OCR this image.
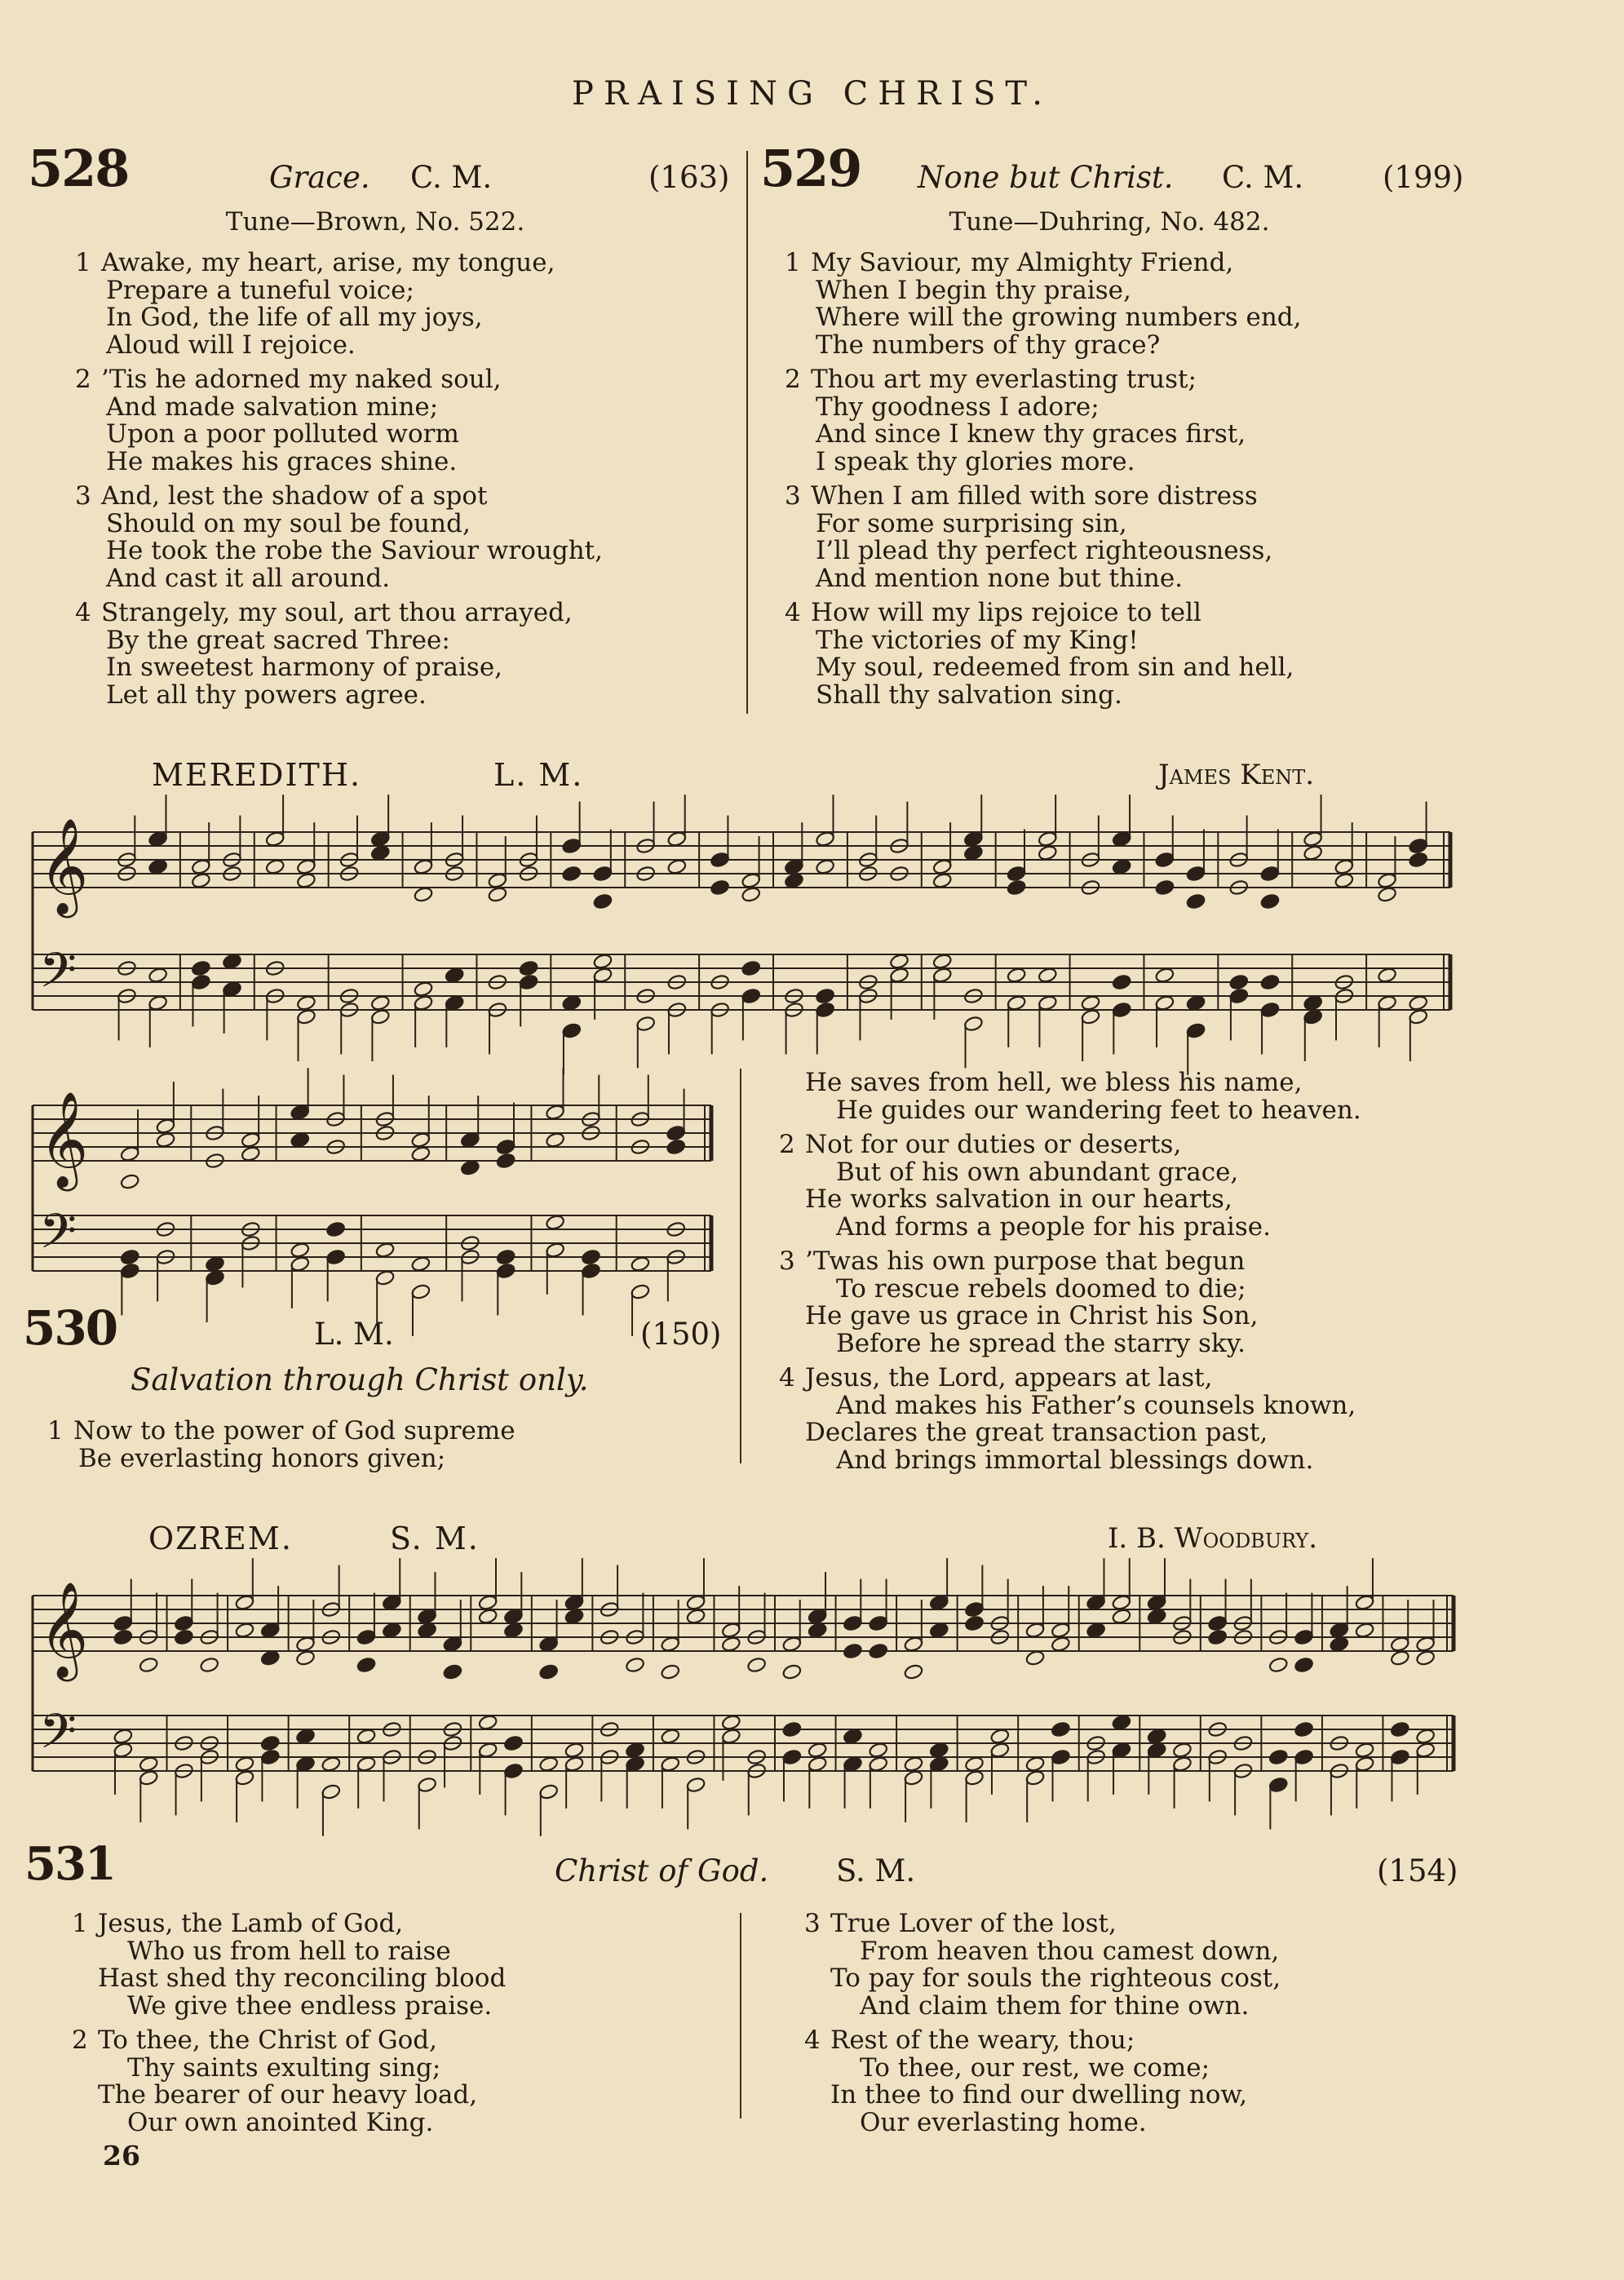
PRAISING CHRIST.
528	Grace. C. M.	(163)
Tune—Brown, No. 522.
1 Awake, my heart, arise, my tongue,
Prepare a tuneful voice;
In God, the life of all my joys,
Aloud will I rejoice.
2 ’Tis he adorned my naked soul,
And made salvation mine;
Upon a poor polluted worm
He makes his graces shine.
3 And, lest the shadow of a spot
Should on my soul be found,
He took the robe the Saviour wrought,
And cast it all around.
4 Strangely, my soul, art thou arrayed,
By the great sacred Three:
In sweetest harmony of praise,
Let all thy powers agree.
529 None but Christ. C. M.	(199)
Tune—Duhring, No. 482.
1 My Saviour, my Almighty Friend,
When I begin thy praise,
Where will the growing numbers end,
The numbers of thy grace?
2 Thou art my everlasting trust;
Thy goodness I adore;
And since I knew thy graces first,
I speak thy glories more.
3 When I am filled with sore distress
For some surprising sin,
I’ll plead thy perfect righteousness,
And mention none but thine.
4 How will my lips rejoice to tell
The victories of my King!
My soul, redeemed from sin and hell,
Shall thy salvation sing.
MEREDITH.	L. M.	James Kent.
𝄞
𝄢
𝄞
𝄢
𝄞
𝄢
530	L. M.	(150)
Salvation through Christ only.
1 Now to the power of God supreme
Be everlasting honors given;
He saves from hell, we bless his name,
He guides our wandering feet to heaven.
2 Not for our duties or deserts,
But of his own abundant grace,
He works salvation in our hearts,
And forms a people for his praise.
3 ’Twas his own purpose that begun
To rescue rebels doomed to die;
He gave us grace in Christ his Son,
Before he spread the starry sky.
4 Jesus, the Lord, appears at last,
And makes his Father’s counsels known,
Declares the great transaction past,
And brings immortal blessings down.
OZREM.	S. M.	I. B. Woodbury.
531	Christ of God. S. M.	(154)
1 Jesus, the Lamb of God,
Who us from hell to raise
Hast shed thy reconciling blood
We give thee endless praise.
2 To thee, the Christ of God,
Thy saints exulting sing;
The bearer of our heavy load,
Our own anointed King.
3 True Lover of the lost,
From heaven thou camest down,
To pay for souls the righteous cost,
And claim them for thine own.
4 Rest of the weary, thou;
To thee, our rest, we come;
In thee to find our dwelling now,
Our everlasting home.
26
